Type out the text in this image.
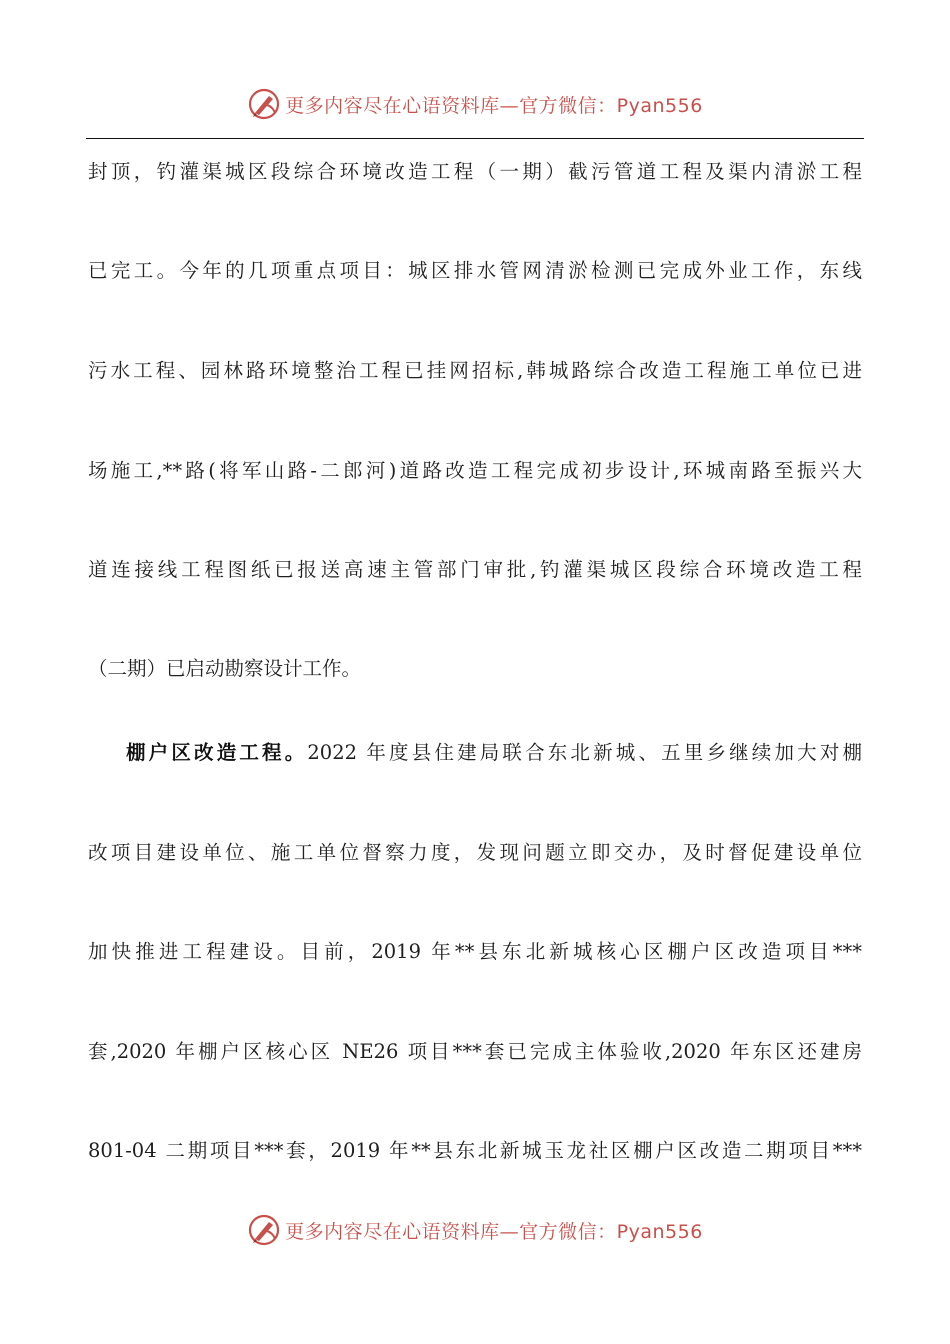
更多内容尽在心语资料库—官方微信：Pyan556
封顶，钓灌渠城区段综合环境改造工程（一期）截污管道工程及渠内清淤工程
已完工。今年的几项重点项目：城区排水管网清淤检测已完成外业工作，东线
污水工程、园林路环境整治工程已挂网招标,韩城路综合改造工程施工单位已进
场施工,**路(将军山路-二郎河)道路改造工程完成初步设计,环城南路至振兴大
道连接线工程图纸已报送高速主管部门审批,钓灌渠城区段综合环境改造工程
（二期）已启动勘察设计工作。
棚户区改造工程。2022 年度县住建局联合东北新城、五里乡继续加大对棚
改项目建设单位、施工单位督察力度，发现问题立即交办，及时督促建设单位
加快推进工程建设。目前，2019 年**县东北新城核心区棚户区改造项目***
套,2020 年棚户区核心区 NE26 项目***套已完成主体验收,2020 年东区还建房
801-04 二期项目***套，2019 年**县东北新城玉龙社区棚户区改造二期项目***
更多内容尽在心语资料库—官方微信：Pyan556
